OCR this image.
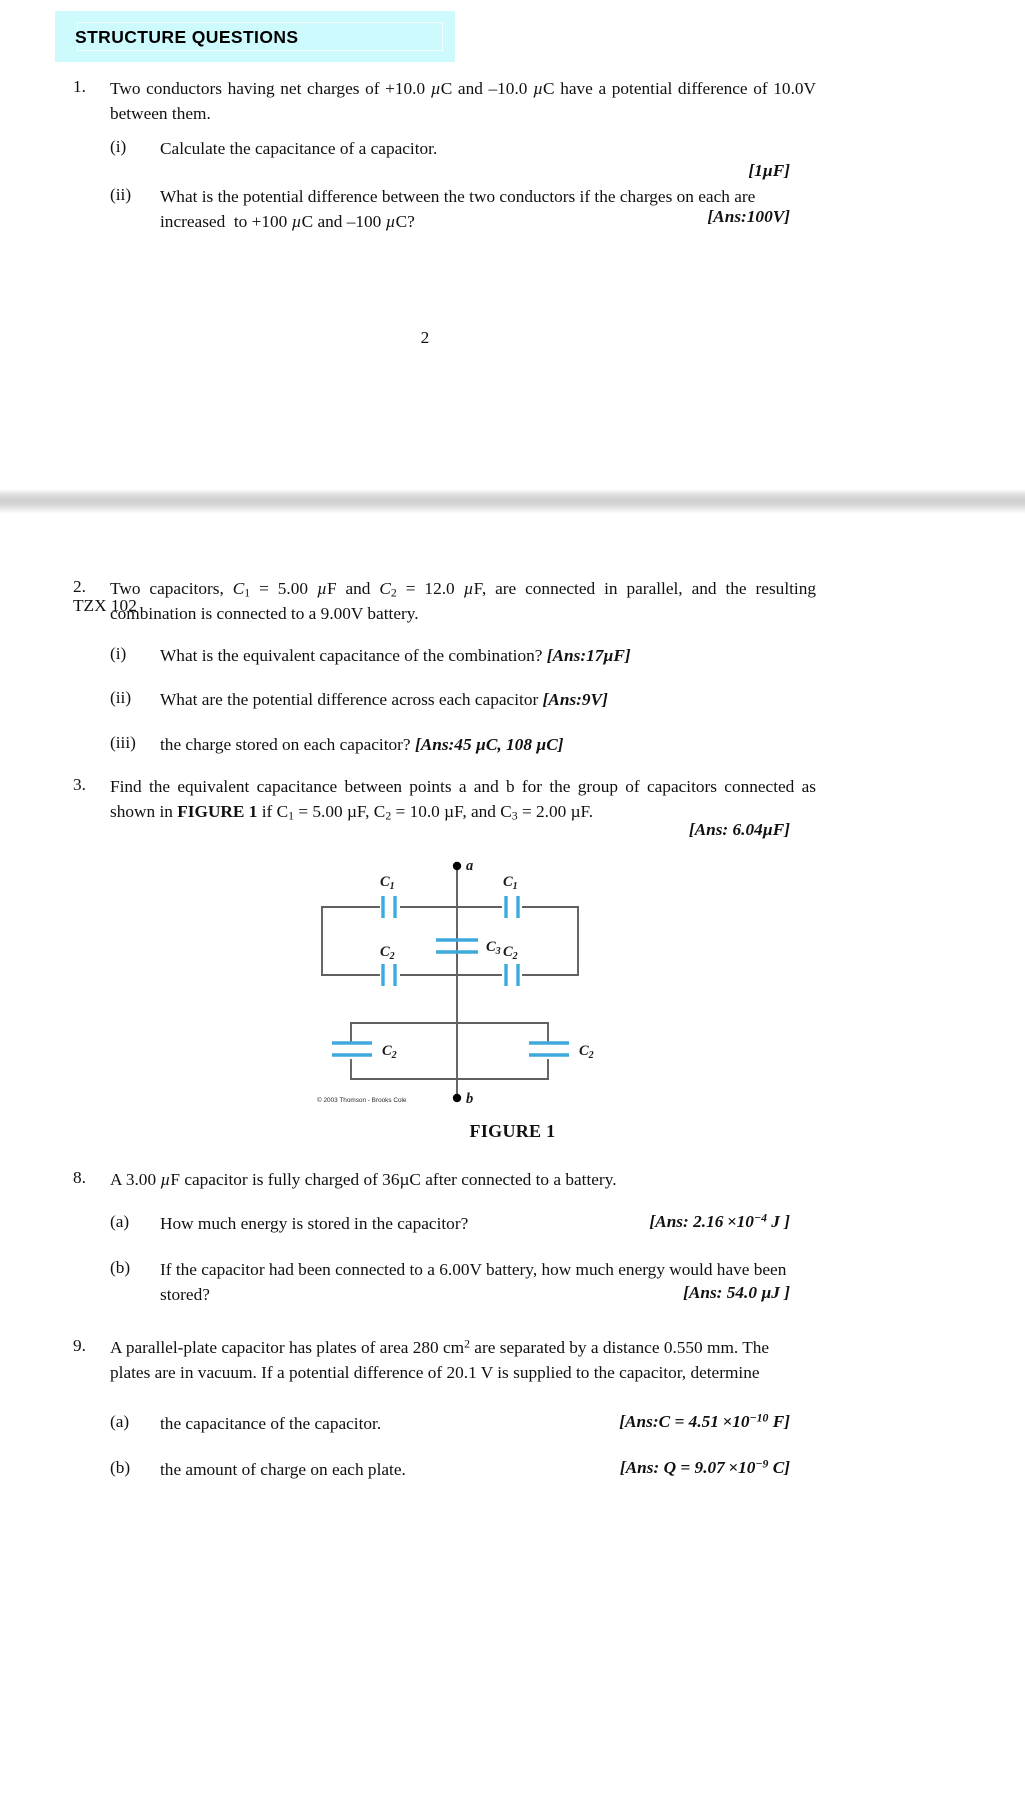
STRUCTURE QUESTIONS
1. Two conductors having net charges of +10.0 µC and –10.0 µC have a potential difference of 10.0V between them.
(i) Calculate the capacitance of a capacitor.
[1µF]
(ii) What is the potential difference between the two conductors if the charges on each are increased  to +100 µC and –100 µC?	[Ans:100V]
2
TZX 102
2. Two capacitors, $C_1 = 5.00$ µF and $C_2 = 12.0$ µF, are connected in parallel, and the resulting combination is connected to a 9.00V battery.
(i) What is the equivalent capacitance of the combination? [Ans:17µF]
(ii) What are the potential difference across each capacitor [Ans:9V]
(iii) the charge stored on each capacitor? [Ans:45 µC, 108 µC]
3. Find the equivalent capacitance between points a and b for the group of capacitors connected as shown in FIGURE 1 if $C_1 = 5.00$ µF, $C_2 = 10.0$ µF, and $C_3 = 2.00$ µF.
[Ans: 6.04µF]
a
b
$C_1$	$C_1$
$C_2$	$C_2$
$C_3$
$C_2$	$C_2$
© 2003 Thomson - Brooks Cole
FIGURE 1
8. A 3.00 µF capacitor is fully charged of 36µC after connected to a battery.
(a) How much energy is stored in the capacitor?	[Ans: $2.16 \times 10^{-4}$ J ]
(b) If the capacitor had been connected to a 6.00V battery, how much energy would have been stored?	[Ans: 54.0 µJ ]
9. A parallel-plate capacitor has plates of area 280 $cm^2$ are separated by a distance 0.550 mm. The plates are in vacuum. If a potential difference of 20.1 V is supplied to the capacitor, determine
(a) the capacitance of the capacitor.	[Ans:C = $4.51 \times 10^{-10}$ F]
(b) the amount of charge on each plate.	[Ans: $Q = 9.07 \times 10^{-9}$ C]
